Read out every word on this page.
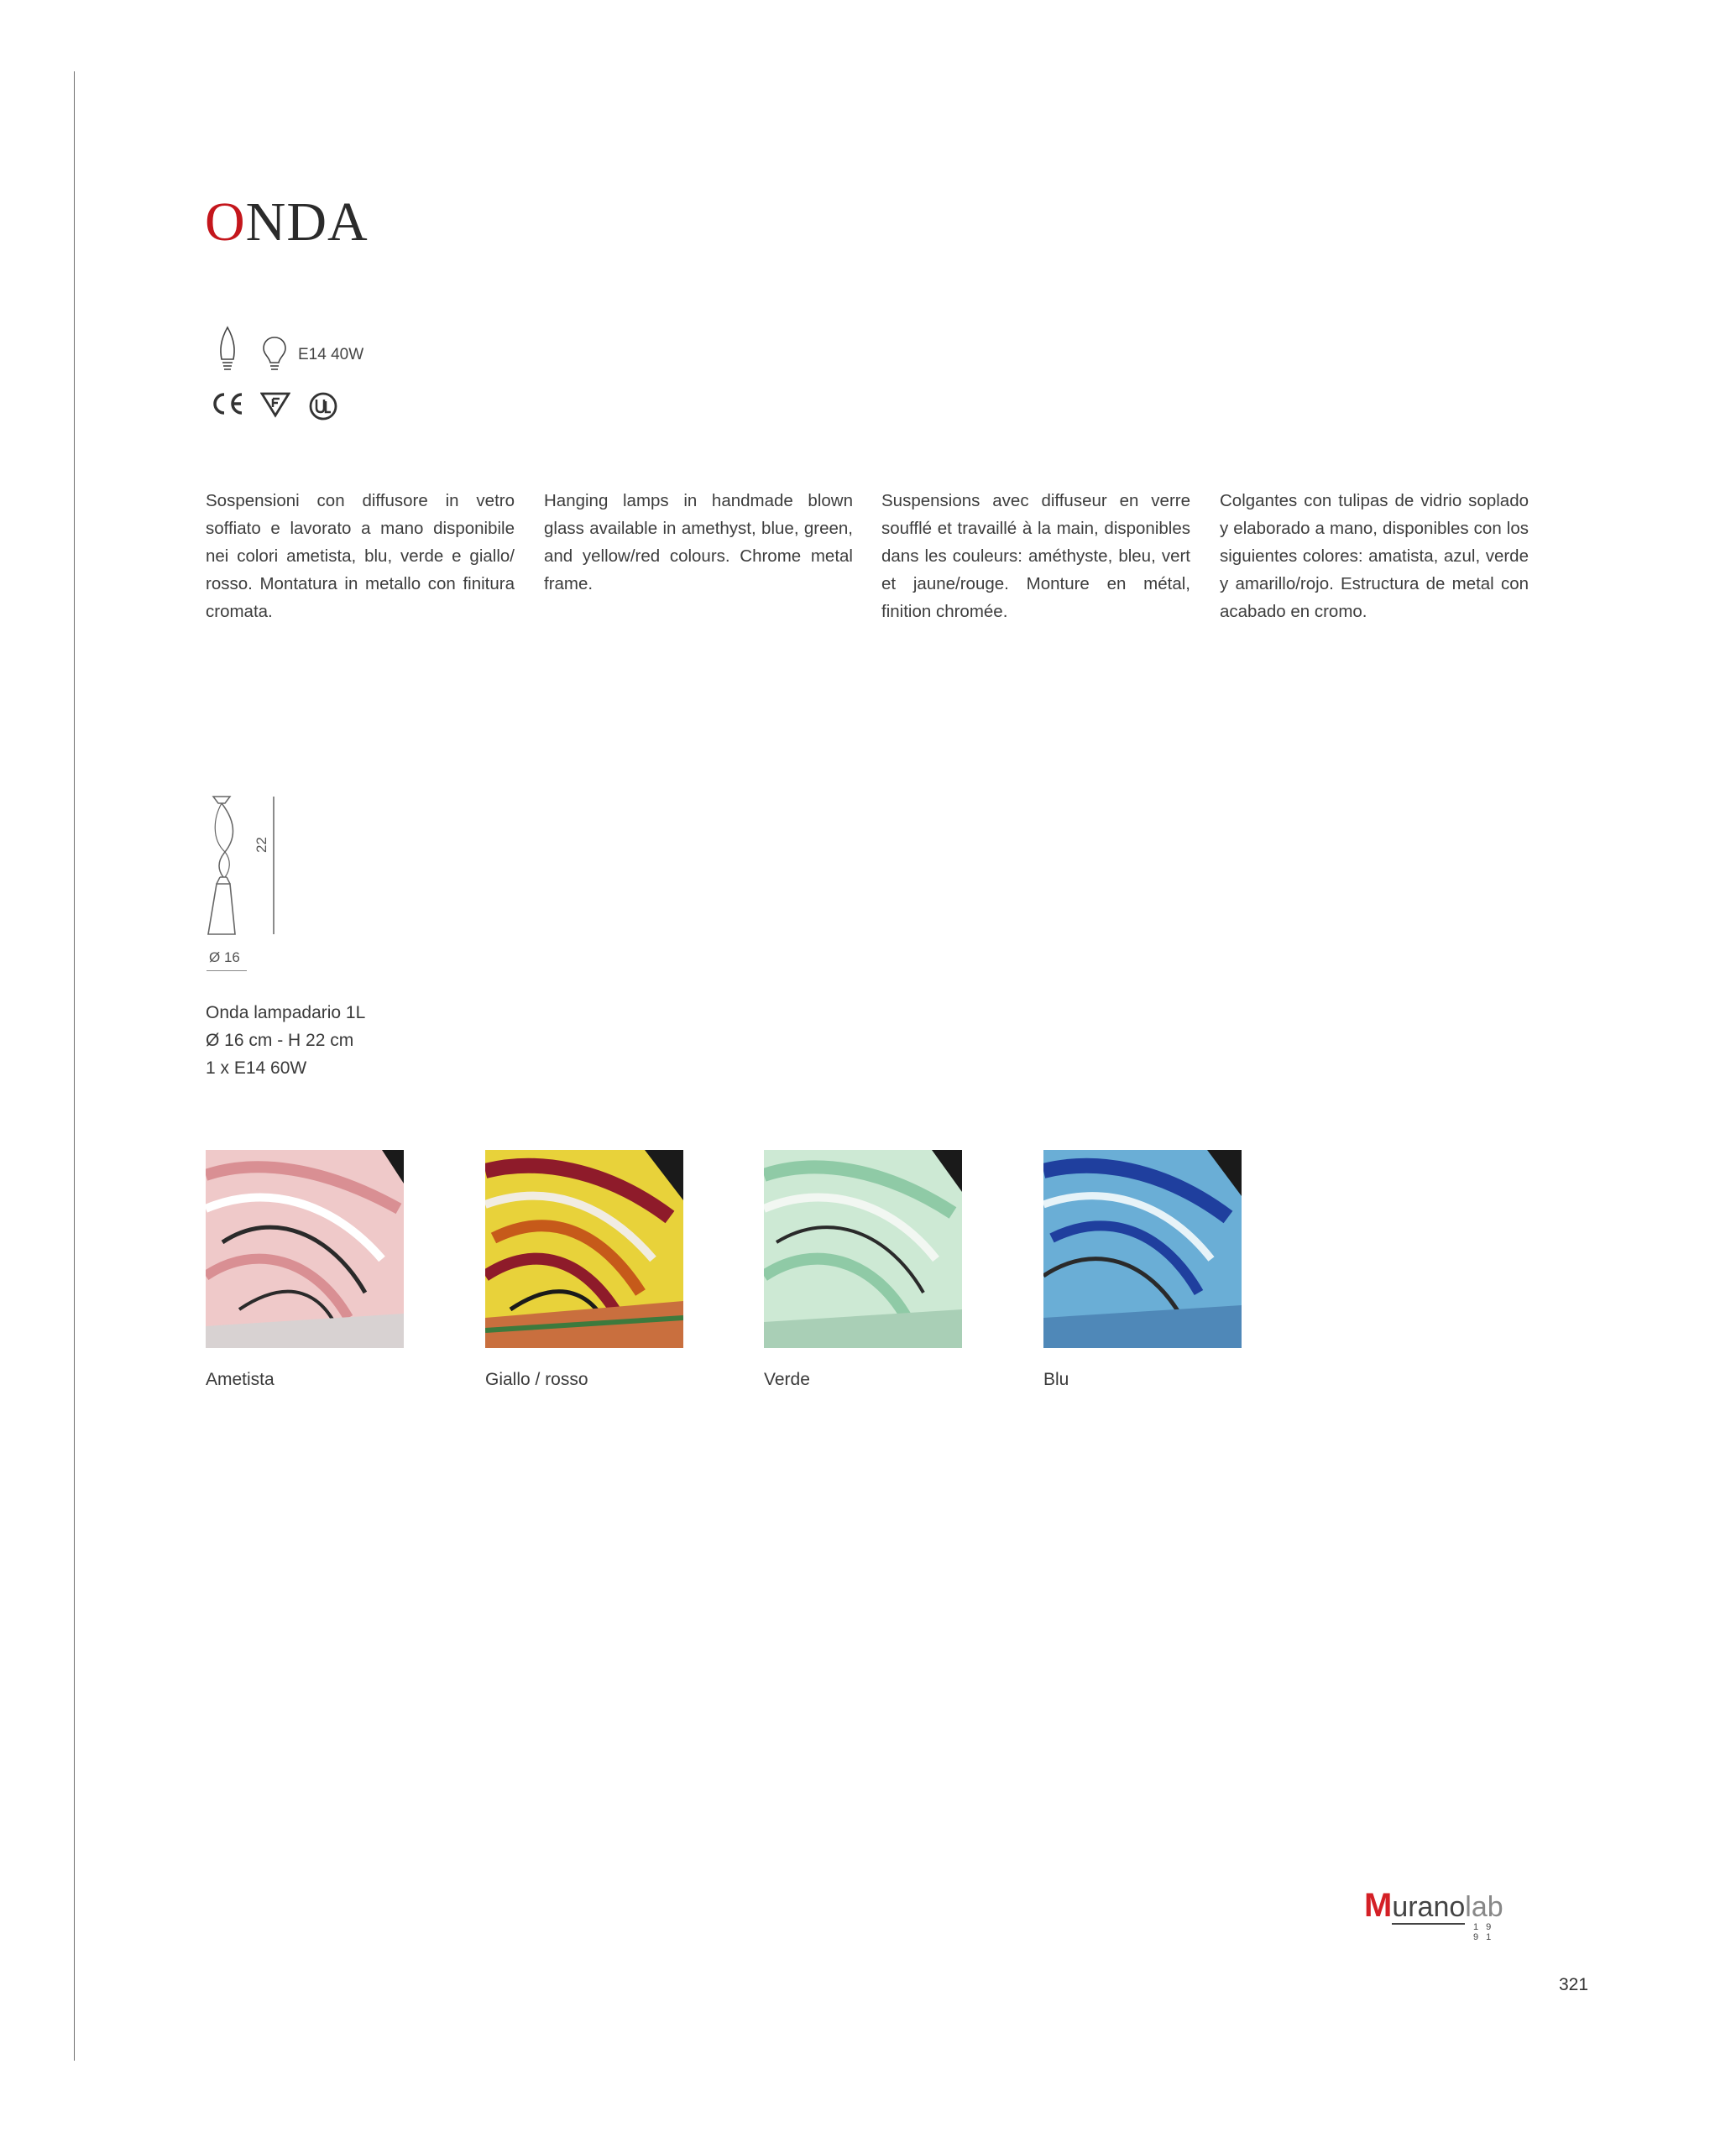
ONDA
E14 40W
Sospensioni con diffusore in vetro soffiato e lavorato a mano disponibile nei colori ametista, blu, verde e giallo/ rosso. Montatura in metallo con finitura cromata.
Hanging lamps in handmade blown glass available in amethyst, blue, green, and yellow/red colours. Chrome metal frame.
Suspensions avec diffuseur en verre soufflé et travaillé à la main, disponibles dans les couleurs: améthyste, bleu, vert et jaune/rouge. Monture en métal, finition chromée.
Colgantes con tulipas de vidrio soplado y elaborado a mano, disponibles con los siguientes colores: amatista, azul, verde y amarillo/rojo. Estructura de metal con acabado en cromo.
22
Ø 16
Onda lampadario 1L
Ø 16 cm - H 22 cm
1 x E14 60W
Ametista	Giallo / rosso	Verde	Blu
Muranolab
1 9 9 1
321
